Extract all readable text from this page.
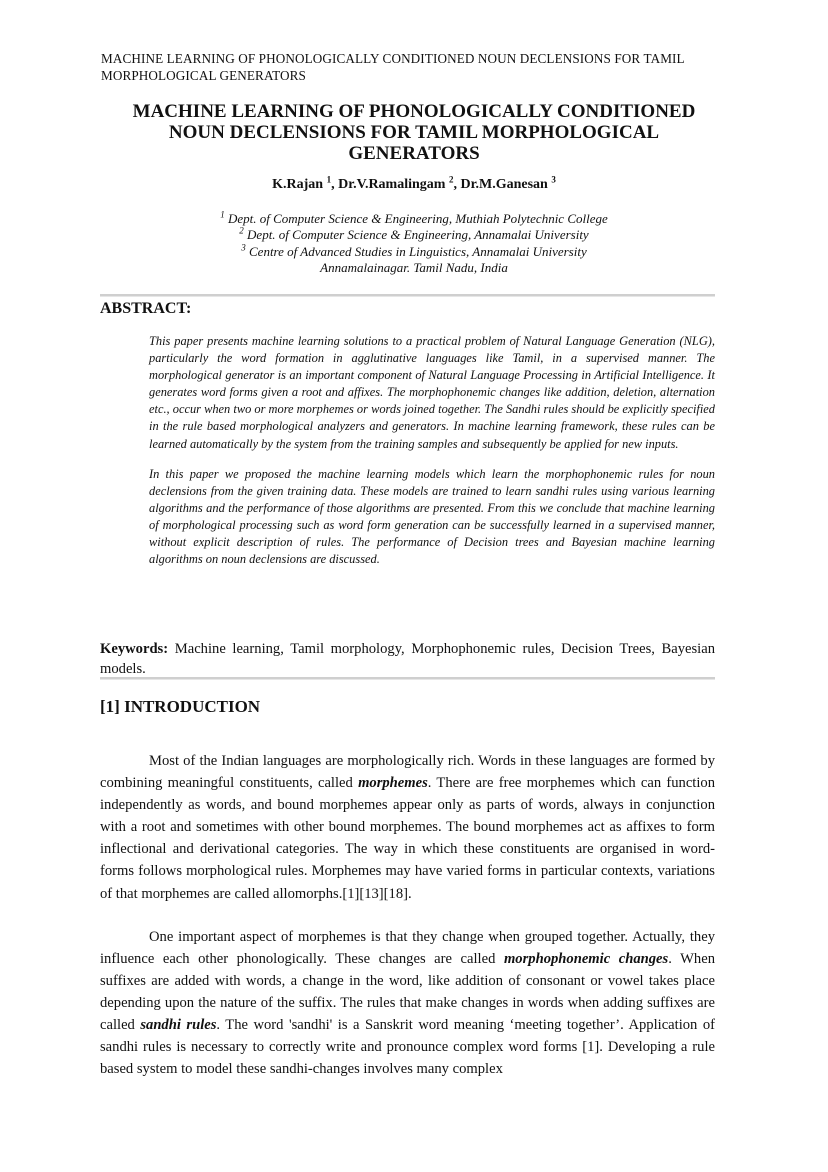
MACHINE LEARNING OF PHONOLOGICALLY CONDITIONED NOUN DECLENSIONS FOR TAMIL MORPHOLOGICAL GENERATORS
MACHINE LEARNING OF PHONOLOGICALLY CONDITIONED
NOUN DECLENSIONS FOR TAMIL MORPHOLOGICAL
GENERATORS
K.Rajan $^1$, Dr.V.Ramalingam $^2$, Dr.M.Ganesan $^3$
$^1$ Dept. of Computer Science & Engineering, Muthiah Polytechnic College
$^2$ Dept. of Computer Science & Engineering, Annamalai University
$^3$ Centre of Advanced Studies in Linguistics, Annamalai University
Annamalainagar. Tamil Nadu, India
ABSTRACT:

This paper presents machine learning solutions to a practical problem of Natural Language Generation (NLG), particularly the word formation in agglutinative languages like Tamil, in a supervised manner. The morphological generator is an important component of Natural Language Processing in Artificial Intelligence. It generates word forms given a root and affixes. The morphophonemic changes like addition, deletion, alternation etc., occur when two or more morphemes or words joined together. The Sandhi rules should be explicitly specified in the rule based morphological analyzers and generators. In machine learning framework, these rules can be learned automatically by the system from the training samples and subsequently be applied for new inputs.

In this paper we proposed the machine learning models which learn the morphophonemic rules for noun declensions from the given training data. These models are trained to learn sandhi rules using various learning algorithms and the performance of those algorithms are presented. From this we conclude that machine learning of morphological processing such as word form generation can be successfully learned in a supervised manner, without explicit description of rules. The performance of Decision trees and Bayesian machine learning algorithms on noun declensions are discussed.

Keywords: Machine learning, Tamil morphology, Morphophonemic rules, Decision Trees, Bayesian models.
[1] INTRODUCTION

Most of the Indian languages are morphologically rich. Words in these languages are formed by combining meaningful constituents, called morphemes. There are free morphemes which can function independently as words, and bound morphemes appear only as parts of words, always in conjunction with a root and sometimes with other bound morphemes. The bound morphemes act as affixes to form inflectional and derivational categories. The way in which these constituents are organised in word-forms follows morphological rules. Morphemes may have varied forms in particular contexts, variations of that morphemes are called allomorphs.[1][13][18].

One important aspect of morphemes is that they change when grouped together. Actually, they influence each other phonologically. These changes are called morphophonemic changes. When suffixes are added with words, a change in the word, like addition of consonant or vowel takes place depending upon the nature of the suffix. The rules that make changes in words when adding suffixes are called sandhi rules. The word 'sandhi' is a Sanskrit word meaning ‘meeting together’. Application of sandhi rules is necessary to correctly write and pronounce complex word forms [1]. Developing a rule based system to model these sandhi-changes involves many complex
